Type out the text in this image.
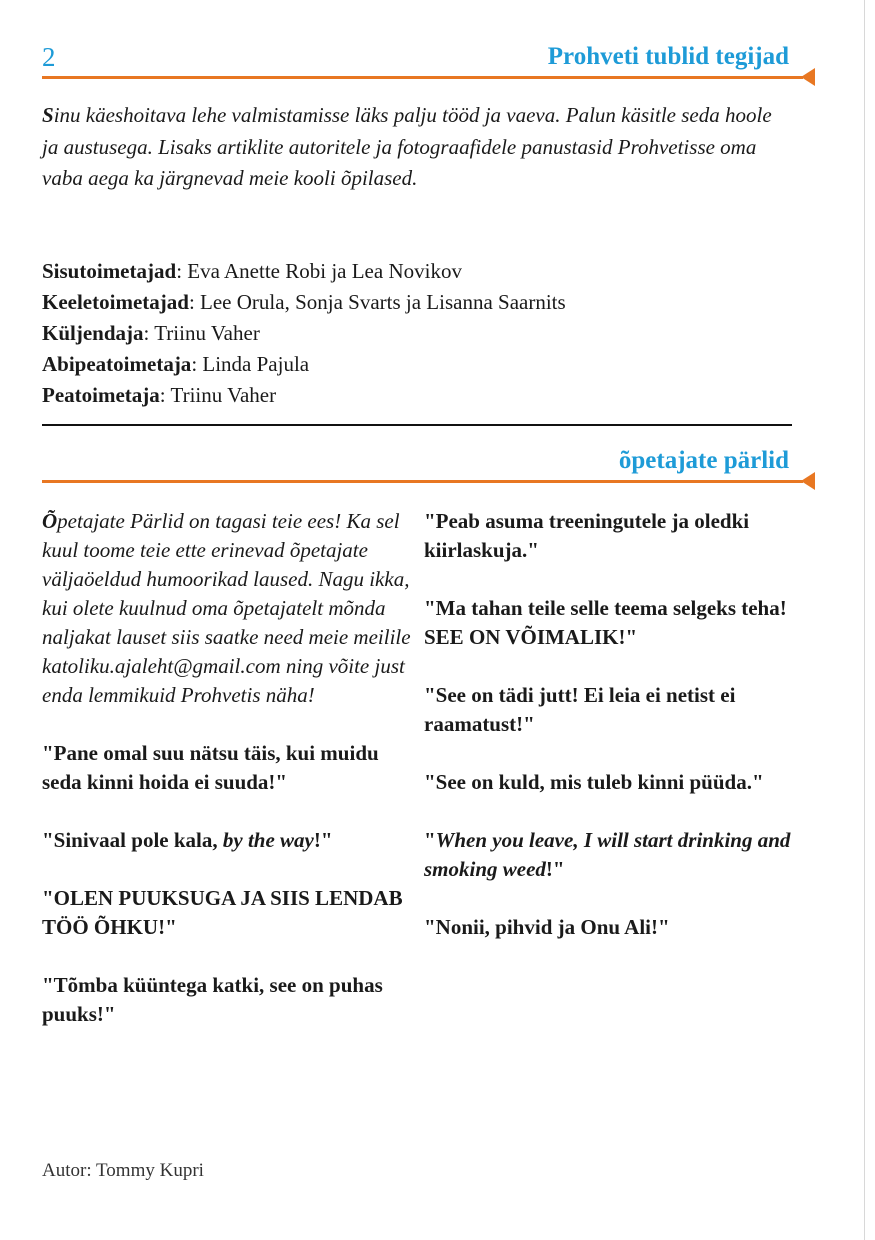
2	Prohveti tublid tegijad

Sinu käeshoitava lehe valmistamisse läks palju tööd ja vaeva. Palun käsitle seda hoole ja austusega. Lisaks artiklite autoritele ja fotograafidele panustasid Prohvetisse oma vaba aega ka järgnevad meie kooli õpilased.

Sisutoimetajad: Eva Anette Robi ja Lea Novikov
Keeletoimetajad: Lee Orula, Sonja Svarts ja Lisanna Saarnits
Küljendaja: Triinu Vaher
Abipeatoimetaja: Linda Pajula
Peatoimetaja: Triinu Vaher
õpetajate pärlid

Õpetajate Pärlid on tagasi teie ees! Ka sel kuul toome teie ette erinevad õpetajate väljaöeldud humoorikad laused. Nagu ikka, kui olete kuulnud oma õpetajatelt mõnda naljakat lauset siis saatke need meie meilile katoliku.ajaleht@gmail.com ning võite just enda lemmikuid Prohvetis näha!

"Pane omal suu nätsu täis, kui muidu seda kinni hoida ei suuda!"

"Sinivaal pole kala, by the way!"

"OLEN PUUKSUGA JA SIIS LENDAB TÖÖ ÕHKU!"

"Tõmba küüntega katki, see on puhas puuks!"

"Peab asuma treeningutele ja oledki kiirlaskuja."

"Ma tahan teile selle teema selgeks teha! SEE ON VÕIMALIK!"

"See on tädi jutt! Ei leia ei netist ei raamatust!"

"See on kuld, mis tuleb kinni püüda."

"When you leave, I will start drinking and smoking weed!"

"Nonii, pihvid ja Onu Ali!"

Autor: Tommy Kupri
